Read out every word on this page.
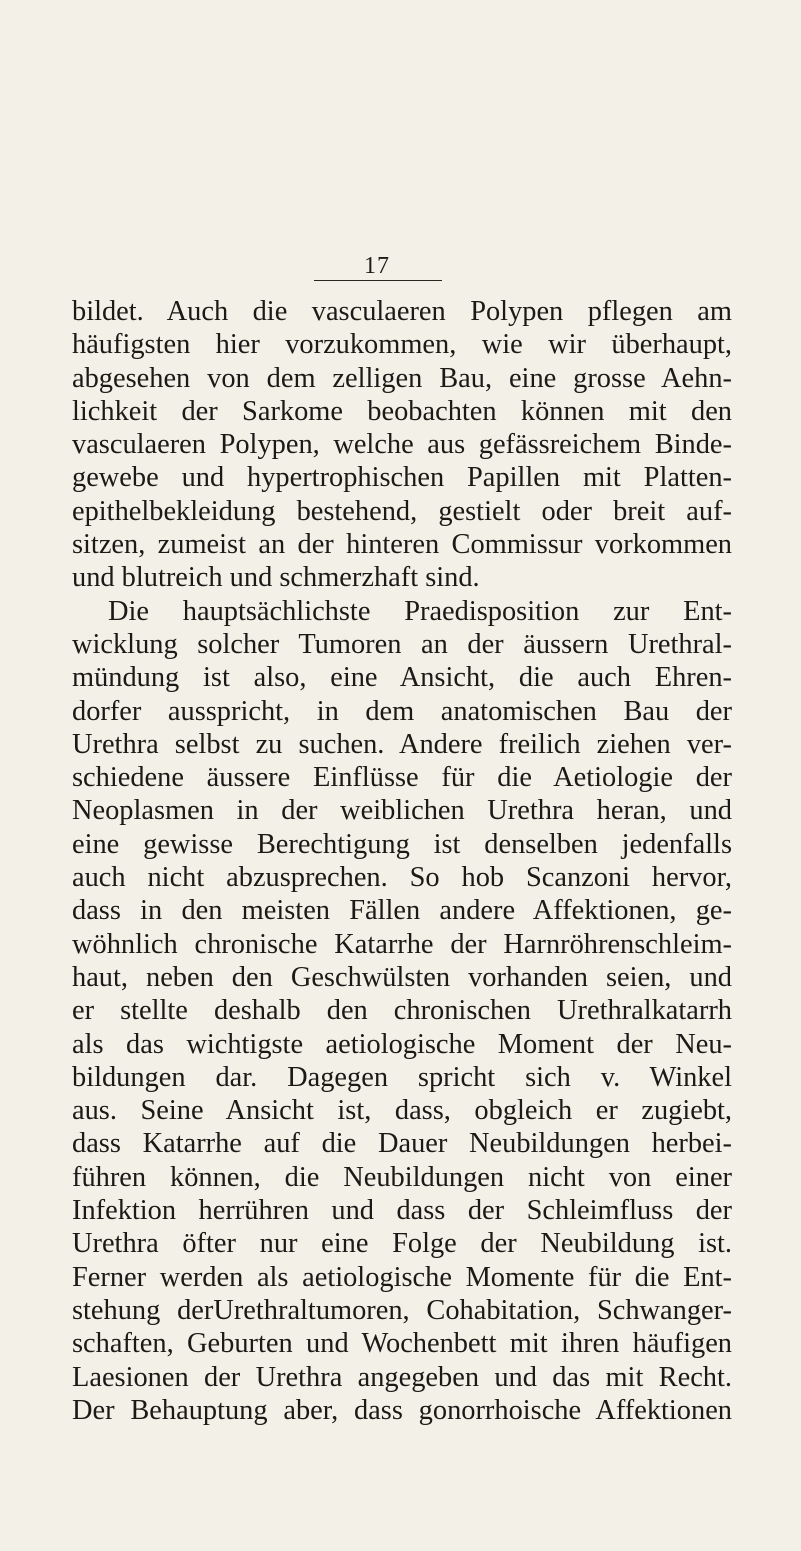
17
bildet. Auch die vasculaeren Polypen pflegen am
häufigsten hier vorzukommen, wie wir überhaupt,
abgesehen von dem zelligen Bau, eine grosse Aehn-
lichkeit der Sarkome beobachten können mit den
vasculaeren Polypen, welche aus gefässreichem Binde-
gewebe und hypertrophischen Papillen mit Platten-
epithelbekleidung bestehend, gestielt oder breit auf-
sitzen, zumeist an der hinteren Commissur vorkommen
und blutreich und schmerzhaft sind.
Die hauptsächlichste Praedisposition zur Ent-
wicklung solcher Tumoren an der äussern Urethral-
mündung ist also, eine Ansicht, die auch Ehren-
dorfer ausspricht, in dem anatomischen Bau der
Urethra selbst zu suchen. Andere freilich ziehen ver-
schiedene äussere Einflüsse für die Aetiologie der
Neoplasmen in der weiblichen Urethra heran, und
eine gewisse Berechtigung ist denselben jedenfalls
auch nicht abzusprechen. So hob Scanzoni hervor,
dass in den meisten Fällen andere Affektionen, ge-
wöhnlich chronische Katarrhe der Harnröhrenschleim-
haut, neben den Geschwülsten vorhanden seien, und
er stellte deshalb den chronischen Urethralkatarrh
als das wichtigste aetiologische Moment der Neu-
bildungen dar. Dagegen spricht sich v. Winkel
aus. Seine Ansicht ist, dass, obgleich er zugiebt,
dass Katarrhe auf die Dauer Neubildungen herbei-
führen können, die Neubildungen nicht von einer
Infektion herrühren und dass der Schleimfluss der
Urethra öfter nur eine Folge der Neubildung ist.
Ferner werden als aetiologische Momente für die Ent-
stehung derUrethraltumoren, Cohabitation, Schwanger-
schaften, Geburten und Wochenbett mit ihren häufigen
Laesionen der Urethra angegeben und das mit Recht.
Der Behauptung aber, dass gonorrhoische Affektionen
